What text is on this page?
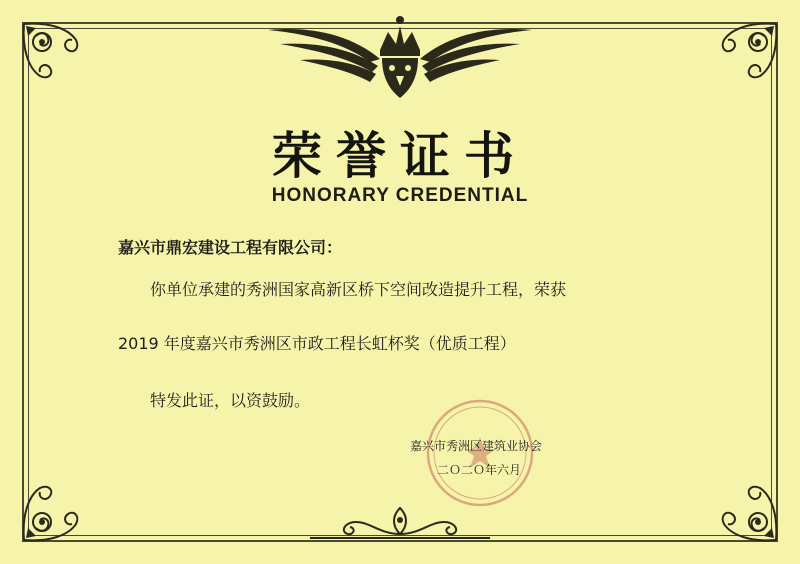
荣誉证书
HONORARY CREDENTIAL
嘉兴市鼎宏建设工程有限公司：
你单位承建的秀洲国家高新区桥下空间改造提升工程，荣获
2019 年度嘉兴市秀洲区市政工程长虹杯奖（优质工程）
特发此证，以资鼓励。
嘉兴市秀洲区建筑业协会
二Ｏ二Ｏ年六月
